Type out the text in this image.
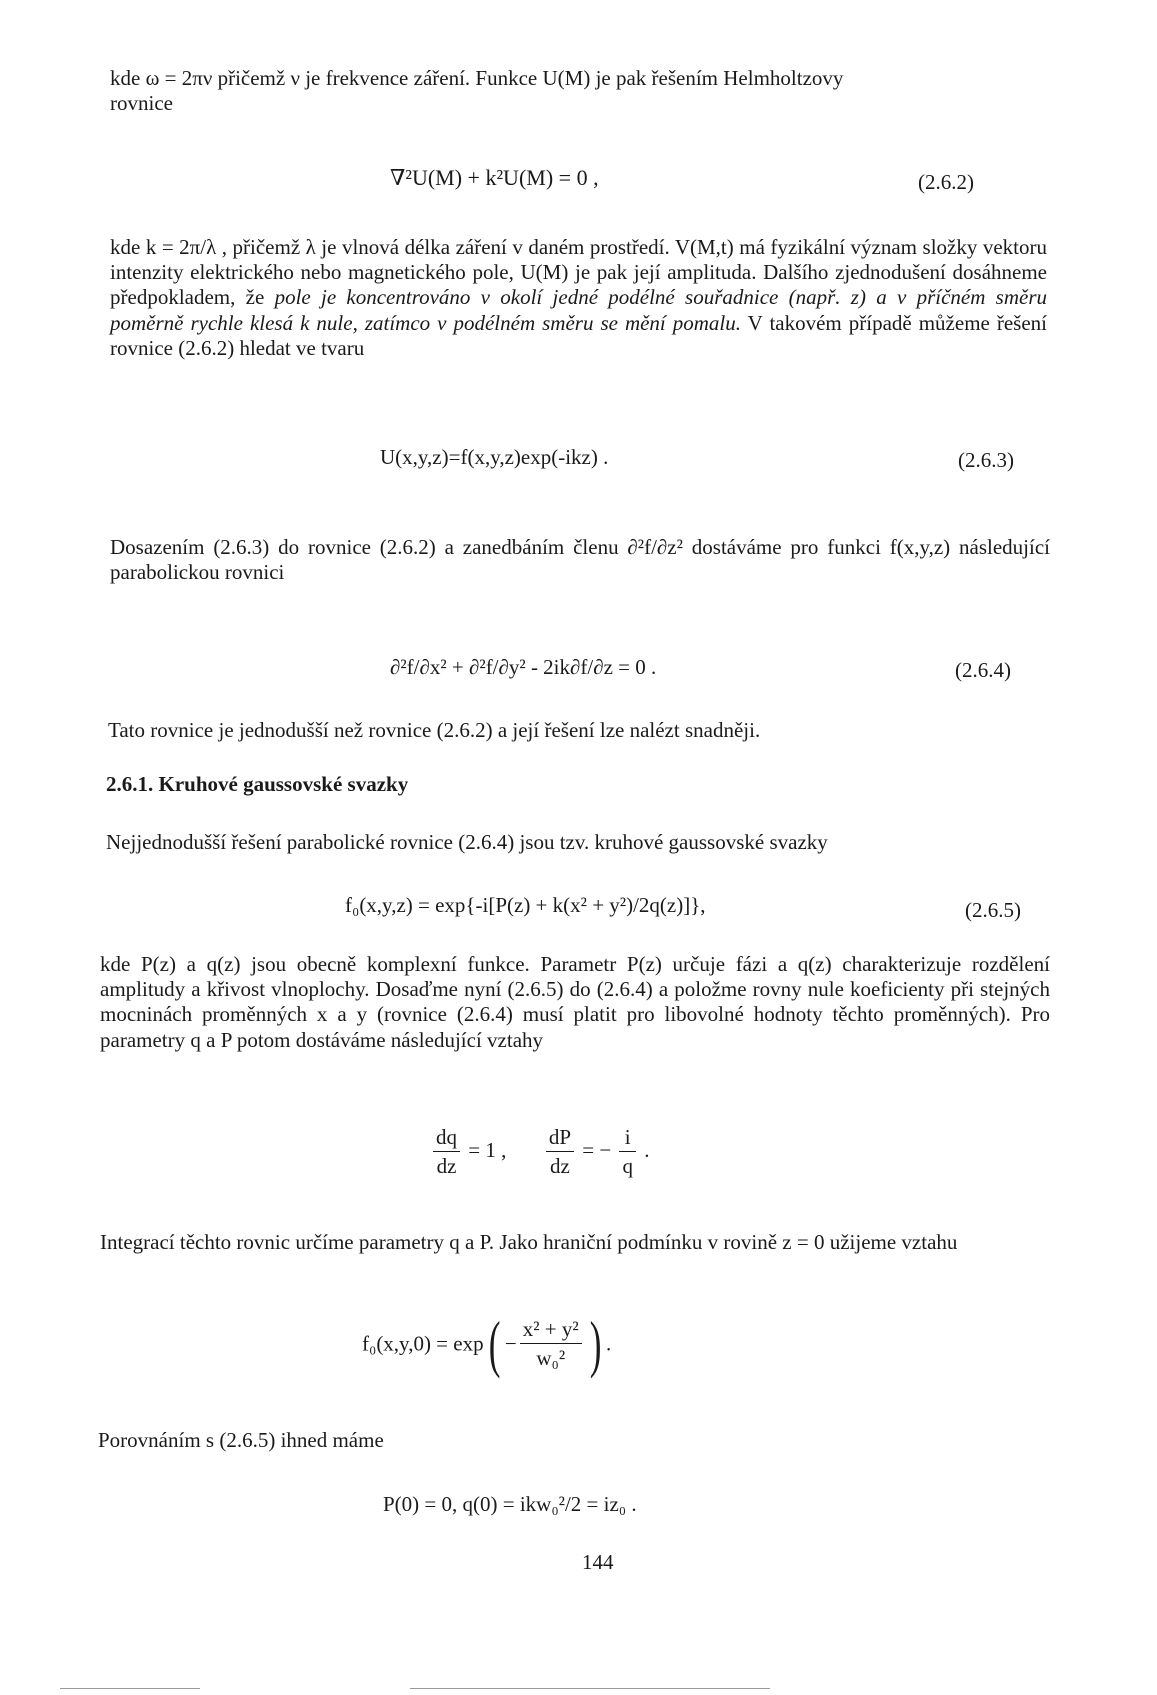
kde ω = 2πν přičemž ν je frekvence záření. Funkce U(M) je pak řešením Helmholtzovy
rovnice
∇²U(M) + k²U(M) = 0 ,	(2.6.2)
kde k = 2π/λ , přičemž λ je vlnová délka záření v daném prostředí. V(M,t) má fyzikální význam složky vektoru intenzity elektrického nebo magnetického pole, U(M) je pak její amplituda. Dalšího zjednodušení dosáhneme předpokladem, že pole je koncentrováno v okolí jedné podélné souřadnice (např. z) a v příčném směru poměrně rychle klesá k nule, zatímco v podélném směru se mění pomalu. V takovém případě můžeme řešení rovnice (2.6.2) hledat ve tvaru
U(x,y,z)=f(x,y,z)exp(-ikz) .	(2.6.3)
Dosazením (2.6.3) do rovnice (2.6.2) a zanedbáním členu ∂²f/∂z² dostáváme pro funkci f(x,y,z) následující parabolickou rovnici
∂²f/∂x² + ∂²f/∂y² - 2ik∂f/∂z = 0 .	(2.6.4)
Tato rovnice je jednodušší než rovnice (2.6.2) a její řešení lze nalézt snadněji.
2.6.1. Kruhové gaussovské svazky
Nejjednodušší řešení parabolické rovnice (2.6.4) jsou tzv. kruhové gaussovské svazky
f₀(x,y,z) = exp{-i[P(z) + k(x² + y²)/2q(z)]},	(2.6.5)
kde P(z) a q(z) jsou obecně komplexní funkce. Parametr P(z) určuje fázi a q(z) charakterizuje rozdělení amplitudy a křivost vlnoplochy. Dosaďme nyní (2.6.5) do (2.6.4) a položme rovny nule koeficienty při stejných mocninách proměnných x a y (rovnice (2.6.4) musí platit pro libovolné hodnoty těchto proměnných). Pro parametry q a P potom dostáváme následující vztahy
$\frac{dq}{dz} = 1$ , $\frac{dP}{dz}$ = − $\frac{i}{q}$ .
Integrací těchto rovnic určíme parametry q a P. Jako hraniční podmínku v rovině z = 0 užijeme vztahu
$f_0(x,y,0) = \exp( - \frac{\text{x² + y²}}{\text{w₀²}}$ ) .
Porovnáním s (2.6.5) ihned máme
P(0) = 0, q(0) = ikw₀²/2 = iz₀ .
144
